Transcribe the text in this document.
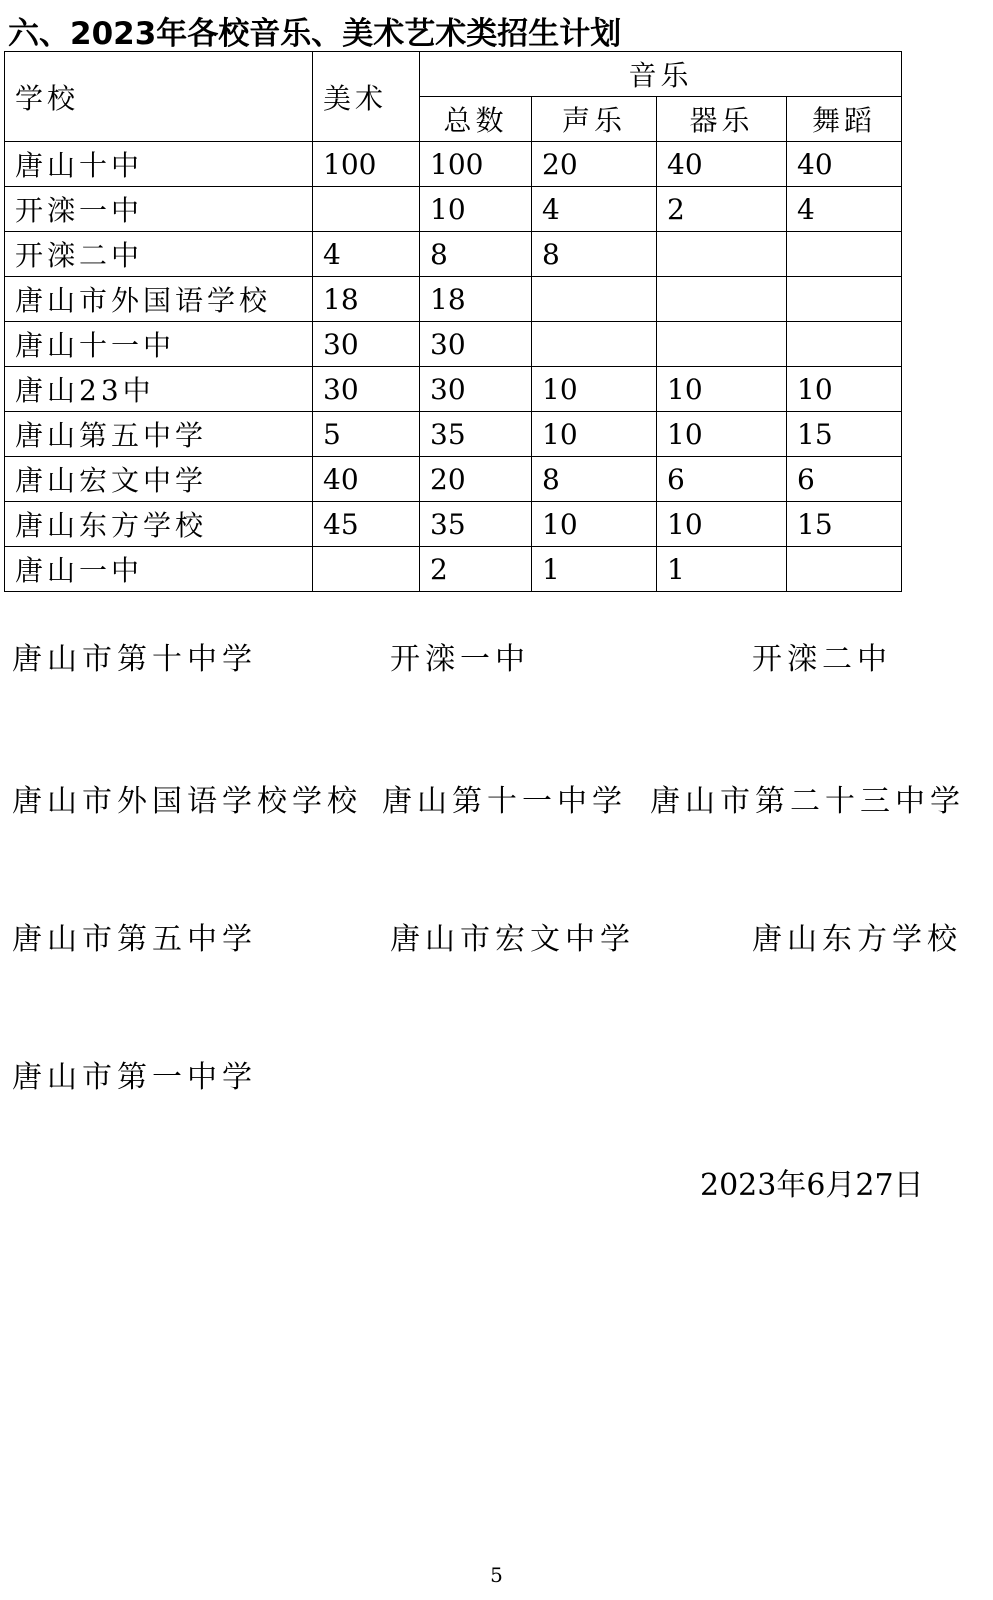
六、2023年各校音乐、美术艺术类招生计划
学校	美术	音乐			
		总数	声乐	器乐	舞蹈
唐山十中	100	100	20	40	40
开滦一中		10	4	2	4
开滦二中	4	8	8		
唐山市外国语学校	18	18			
唐山十一中	30	30			
唐山23中	30	30	10	10	10
唐山第五中学	5	35	10	10	15
唐山宏文中学	40	20	8	6	6
唐山东方学校	45	35	10	10	15
唐山一中		2	1	1	
唐山市第十中学	开滦一中	开滦二中
唐山市外国语学校学校 唐山第十一中学 唐山市第二十三中学
唐山市第五中学	唐山市宏文中学	唐山东方学校
唐山市第一中学
2023年6月27日
5
